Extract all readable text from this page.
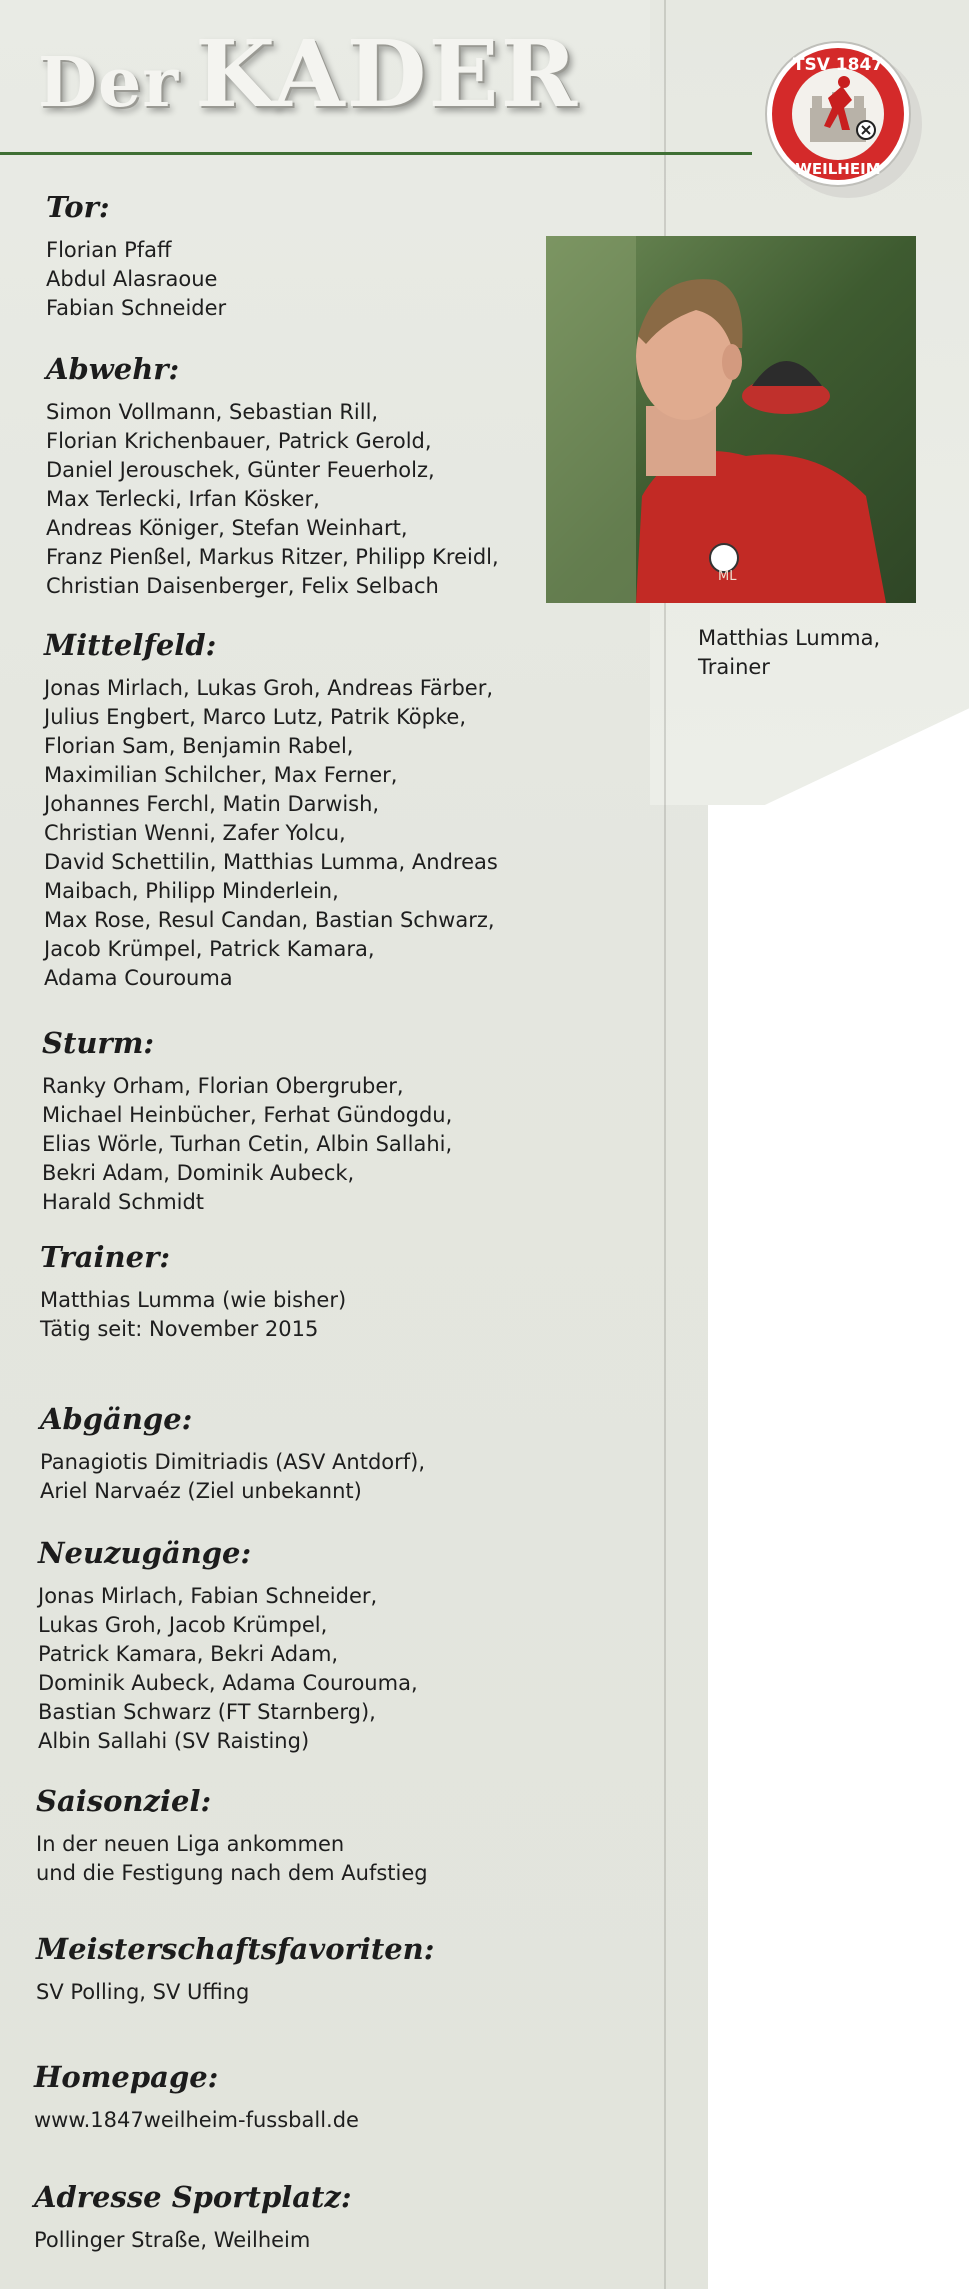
Der KADER	TSV 1847
WEILHEIM
ML
Matthias Lumma,
Trainer
Tor:
Florian Pfaff
Abdul Alasraoue
Fabian Schneider
Abwehr:
Simon Vollmann, Sebastian Rill,
Florian Krichenbauer, Patrick Gerold,
Daniel Jerouschek, Günter Feuerholz,
Max Terlecki, Irfan Kösker,
Andreas Königer, Stefan Weinhart,
Franz Pienßel, Markus Ritzer, Philipp Kreidl,
Christian Daisenberger, Felix Selbach
Mittelfeld:
Jonas Mirlach, Lukas Groh, Andreas Färber,
Julius Engbert, Marco Lutz, Patrik Köpke,
Florian Sam, Benjamin Rabel,
Maximilian Schilcher, Max Ferner,
Johannes Ferchl, Matin Darwish,
Christian Wenni, Zafer Yolcu,
David Schettilin, Matthias Lumma, Andreas
Maibach, Philipp Minderlein,
Max Rose, Resul Candan, Bastian Schwarz,
Jacob Krümpel, Patrick Kamara,
Adama Courouma
Sturm:
Ranky Orham, Florian Obergruber,
Michael Heinbücher, Ferhat Gündogdu,
Elias Wörle, Turhan Cetin, Albin Sallahi,
Bekri Adam, Dominik Aubeck,
Harald Schmidt
Trainer:
Matthias Lumma (wie bisher)
Tätig seit: November 2015
Abgänge:
Panagiotis Dimitriadis (ASV Antdorf),
Ariel Narvaéz (Ziel unbekannt)
Neuzugänge:
Jonas Mirlach, Fabian Schneider,
Lukas Groh, Jacob Krümpel,
Patrick Kamara, Bekri Adam,
Dominik Aubeck, Adama Courouma,
Bastian Schwarz (FT Starnberg),
Albin Sallahi (SV Raisting)
Saisonziel:
In der neuen Liga ankommen
und die Festigung nach dem Aufstieg
Meisterschaftsfavoriten:
SV Polling, SV Uffing
Homepage:
www.1847weilheim-fussball.de
Adresse Sportplatz:
Pollinger Straße, Weilheim
